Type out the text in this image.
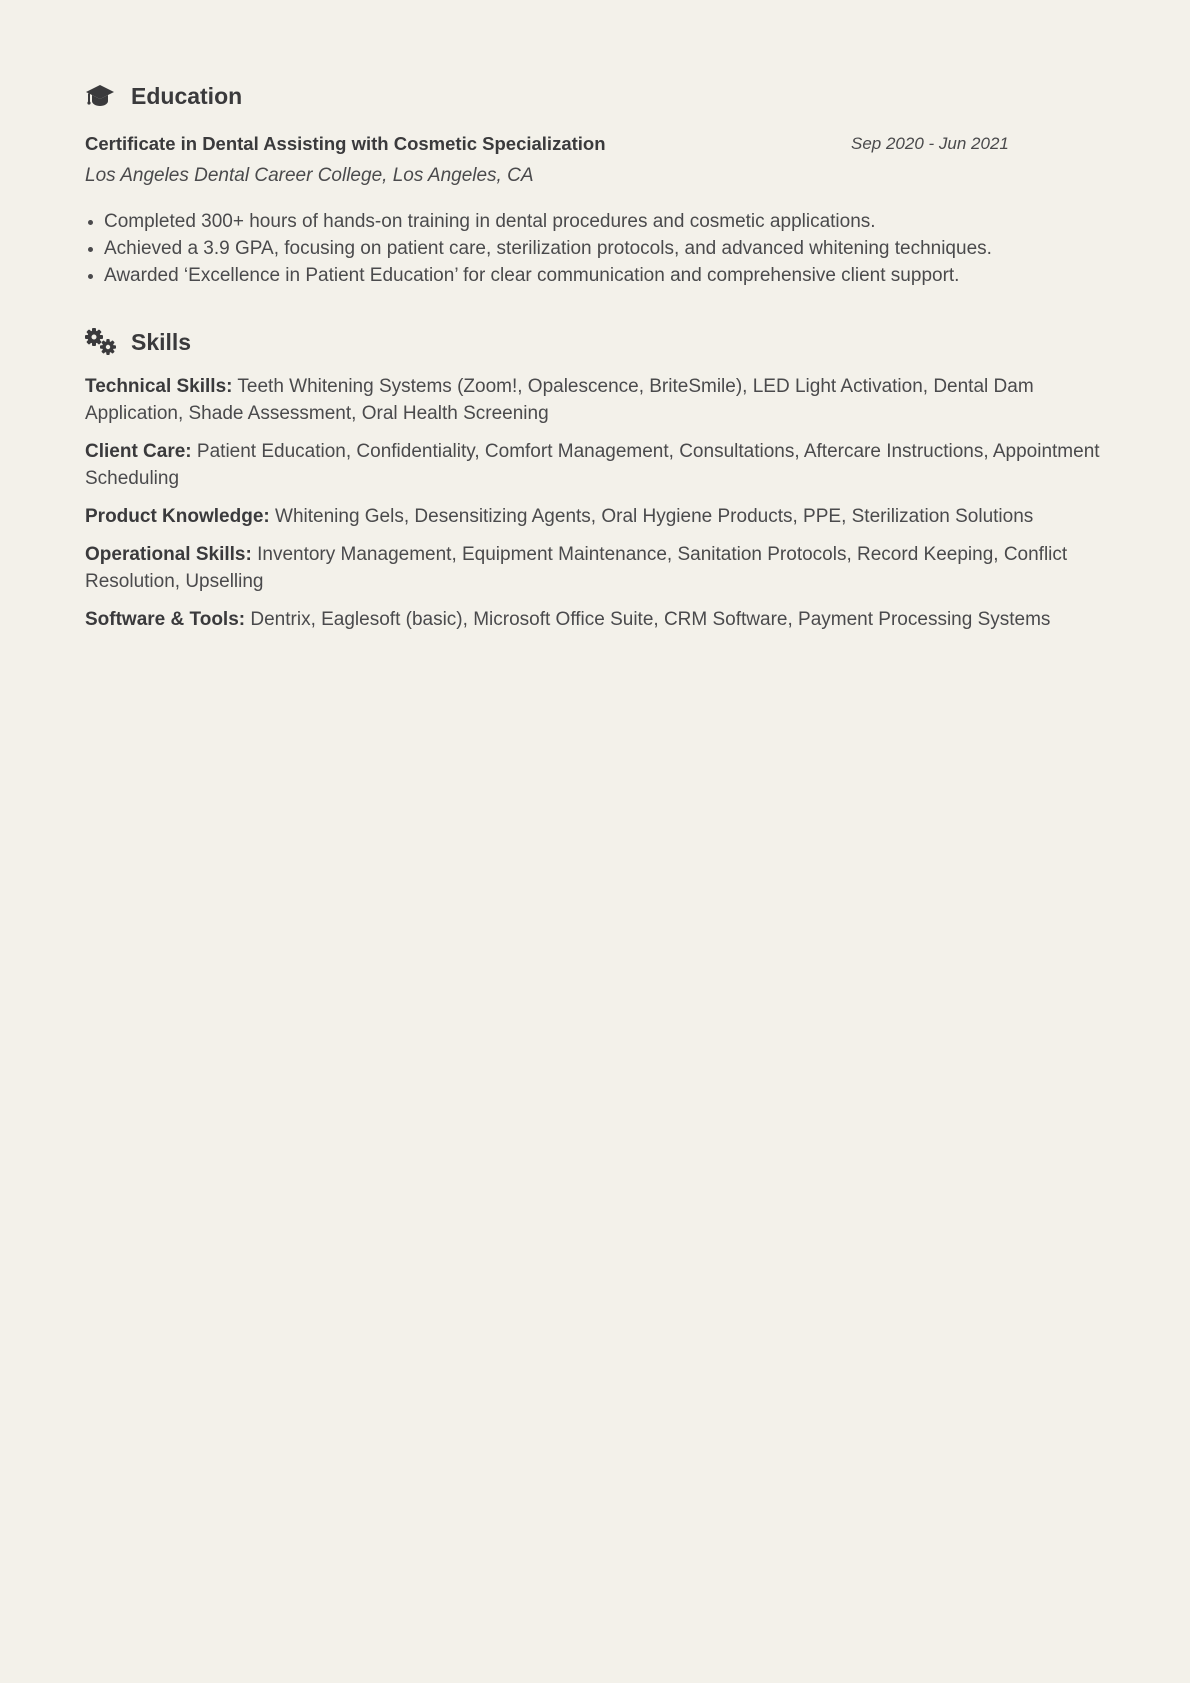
Education
Certificate in Dental Assisting with Cosmetic Specialization	Sep 2020 - Jun 2021
Los Angeles Dental Career College, Los Angeles, CA
Completed 300+ hours of hands-on training in dental procedures and cosmetic applications.
Achieved a 3.9 GPA, focusing on patient care, sterilization protocols, and advanced whitening techniques.
Awarded ‘Excellence in Patient Education’ for clear communication and comprehensive client support.
Skills
Technical Skills: Teeth Whitening Systems (Zoom!, Opalescence, BriteSmile), LED Light Activation, Dental Dam Application, Shade Assessment, Oral Health Screening
Client Care: Patient Education, Confidentiality, Comfort Management, Consultations, Aftercare Instructions, Appointment Scheduling
Product Knowledge: Whitening Gels, Desensitizing Agents, Oral Hygiene Products, PPE, Sterilization Solutions
Operational Skills: Inventory Management, Equipment Maintenance, Sanitation Protocols, Record Keeping, Conflict Resolution, Upselling
Software & Tools: Dentrix, Eaglesoft (basic), Microsoft Office Suite, CRM Software, Payment Processing Systems
